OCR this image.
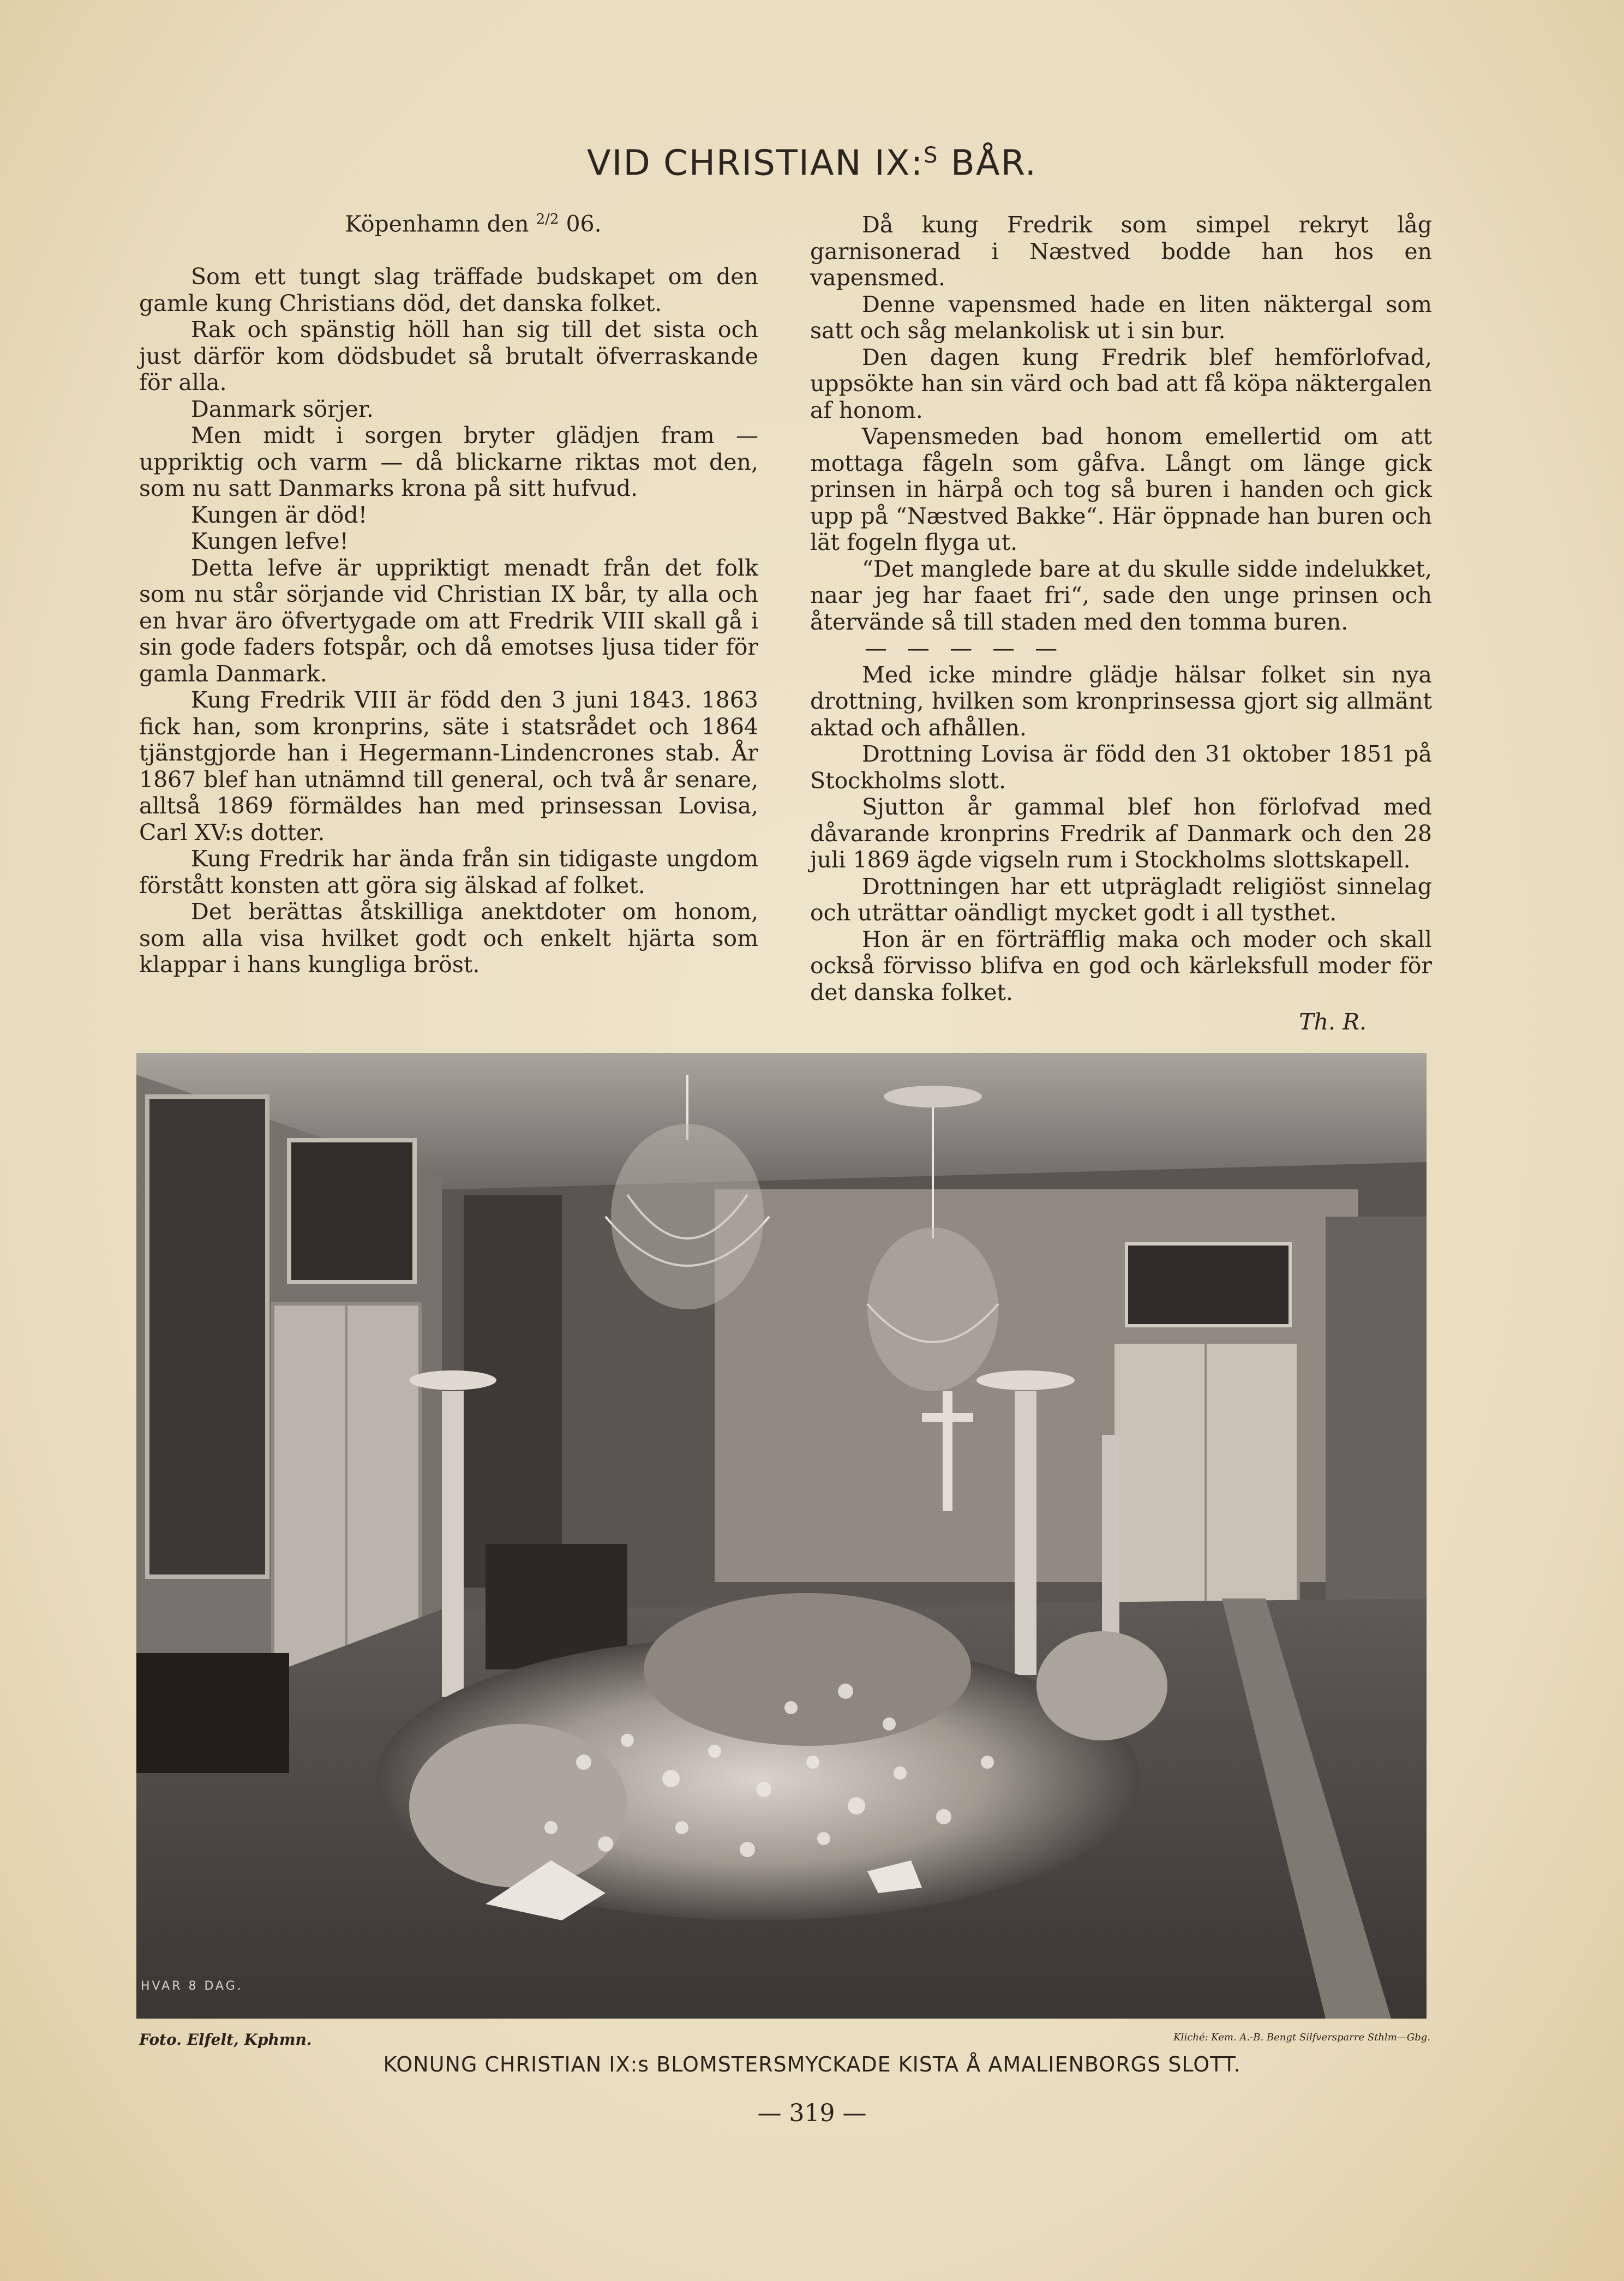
VID CHRISTIAN IX:$^S$ BÅR.

Köpenhamn den $^{2/2}$ 06.

Som ett tungt slag träffade budskapet om den gamle kung Christians död, det danska folket.

Rak och spänstig höll han sig till det sista och just därför kom dödsbudet så brutalt öfverraskande för alla.

Danmark sörjer.

Men midt i sorgen bryter glädjen fram — uppriktig och varm — då blickarne riktas mot den, som nu satt Danmarks krona på sitt hufvud.

Kungen är död!

Kungen lefve!

Detta lefve är uppriktigt menadt från det folk som nu står sörjande vid Christian IX bår, ty alla och en hvar äro öfvertygade om att Fredrik VIII skall gå i sin gode faders fotspår, och då emotses ljusa tider för gamla Danmark.

Kung Fredrik VIII är född den 3 juni 1843. 1863 fick han, som kronprins, säte i statsrådet och 1864 tjänstgjorde han i Hegermann-Lindencrones stab. År 1867 blef han utnämnd till general, och två år senare, alltså 1869 förmäldes han med prinsessan Lovisa, Carl XV:s dotter.

Kung Fredrik har ända från sin tidigaste ungdom förstått konsten att göra sig älskad af folket.

Det berättas åtskilliga anektdoter om honom, som alla visa hvilket godt och enkelt hjärta som klappar i hans kungliga bröst.

Då kung Fredrik som simpel rekryt låg garnisonerad i Næstved bodde han hos en vapensmed.

Denne vapensmed hade en liten näktergal som satt och såg melankolisk ut i sin bur.

Den dagen kung Fredrik blef hemförlofvad, uppsökte han sin värd och bad att få köpa näktergalen af honom.

Vapensmeden bad honom emellertid om att mottaga fågeln som gåfva. Långt om länge gick prinsen in härpå och tog så buren i handen och gick upp på “Næstved Bakke“. Här öppnade han buren och lät fogeln flyga ut.

“Det manglede bare at du skulle sidde indelukket, naar jeg har faaet fri“, sade den unge prinsen och återvände så till staden med den tomma buren.

— — — — —

Med icke mindre glädje hälsar folket sin nya drottning, hvilken som kronprinsessa gjort sig allmänt aktad och afhållen.

Drottning Lovisa är född den 31 oktober 1851 på Stockholms slott.

Sjutton år gammal blef hon förlofvad med dåvarande kronprins Fredrik af Danmark och den 28 juli 1869 ägde vigseln rum i Stockholms slottskapell.

Drottningen har ett utprägladt religiöst sinnelag och uträttar oändligt mycket godt i all tysthet.

Hon är en förträfflig maka och moder och skall också förvisso blifva en god och kärleksfull moder för det danska folket.

Th. R.

HVAR 8 DAG.
Foto. Elfelt, Kphmn.	Kliché: Kem. A.-B. Bengt Silfversparre Sthlm—Gbg.
KONUNG CHRISTIAN IX:s BLOMSTERSMYCKADE KISTA Å AMALIENBORGS SLOTT.
— 319 —
